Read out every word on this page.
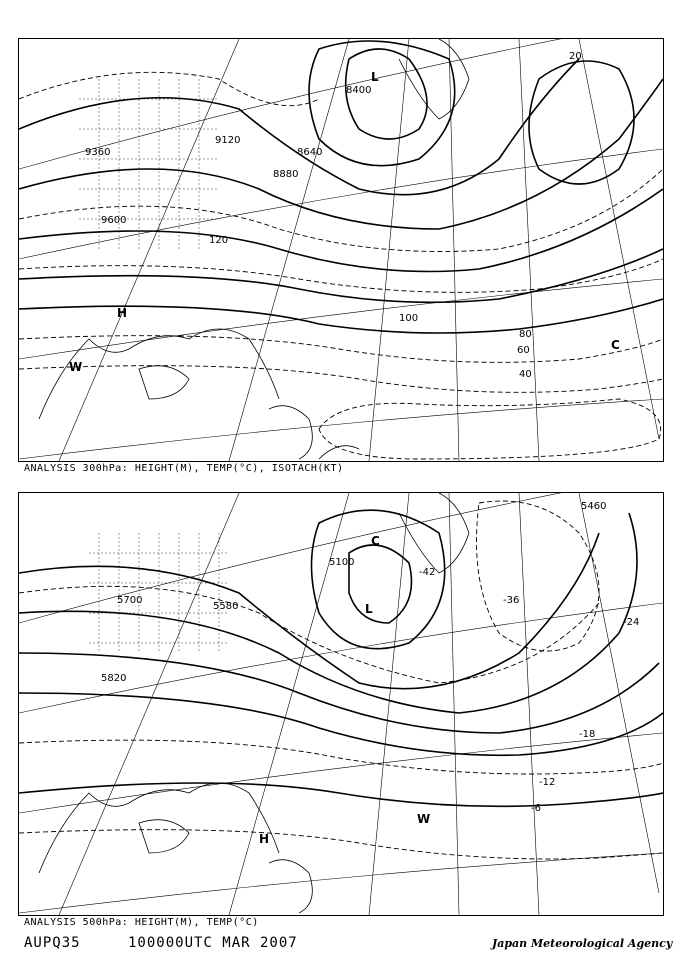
8400
8640
8880
9120
9360
9600
20
40
60
80
100
120
L
H
W
C
ANALYSIS 300hPa: HEIGHT(M), TEMP(°C), ISOTACH(KT)
5100
5460
5580
5700
5820
-42
-36
-24
-18
-12
-6
L
C
H
W
ANALYSIS 500hPa: HEIGHT(M), TEMP(°C)
AUPQ35	100000UTC MAR 2007	Japan Meteorological Agency
